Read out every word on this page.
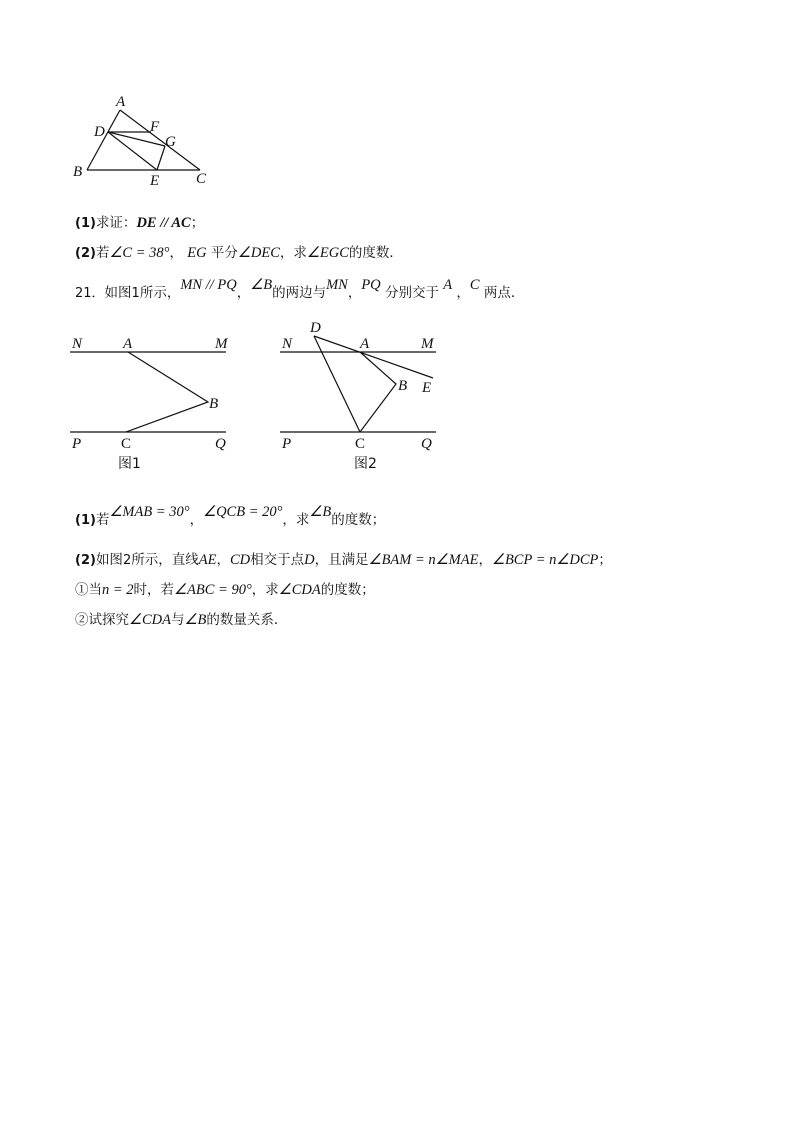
A
D	F
G
B
E C
(1)求证：DE // AC；
(2)若∠C = 38°， EG 平分∠DEC，求∠EGC的度数．
21．如图1所示，MN // PQ，∠B的两边与MN，PQ 分别交于 A ，C 两点．
N	A	M
B
P	C	Q
图1
D
N	A	M
B E
P	C	Q
图2
(1)若∠MAB = 30°，∠QCB = 20°，求∠B的度数；
(2)如图2所示，直线AE，CD相交于点D，且满足∠BAM = n∠MAE，∠BCP = n∠DCP；
①当n = 2时，若∠ABC = 90°，求∠CDA的度数；
②试探究∠CDA与∠B的数量关系．
